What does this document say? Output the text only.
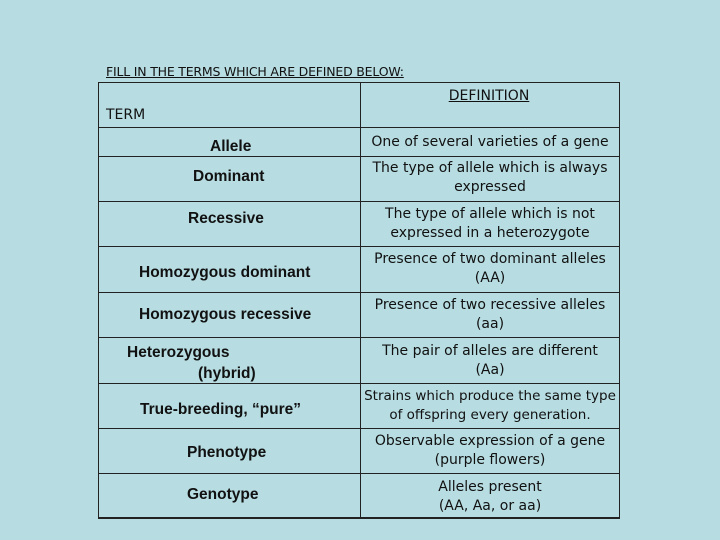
FILL IN THE TERMS WHICH ARE DEFINED BELOW:
DEFINITION
TERM
Allele
Dominant
Recessive
Homozygous dominant
Homozygous recessive
Heterozygous
(hybrid)
True-breeding, “pure”
Phenotype
Genotype
One of several varieties of a gene
The type of allele which is always expressed
The type of allele which is not expressed in a heterozygote
Presence of two dominant alleles (AA)
Presence of two recessive alleles (aa)
The pair of alleles are different (Aa)
Strains which produce the same type of offspring every generation.
Observable expression of a gene (purple flowers)
Alleles present (AA, Aa, or aa)
